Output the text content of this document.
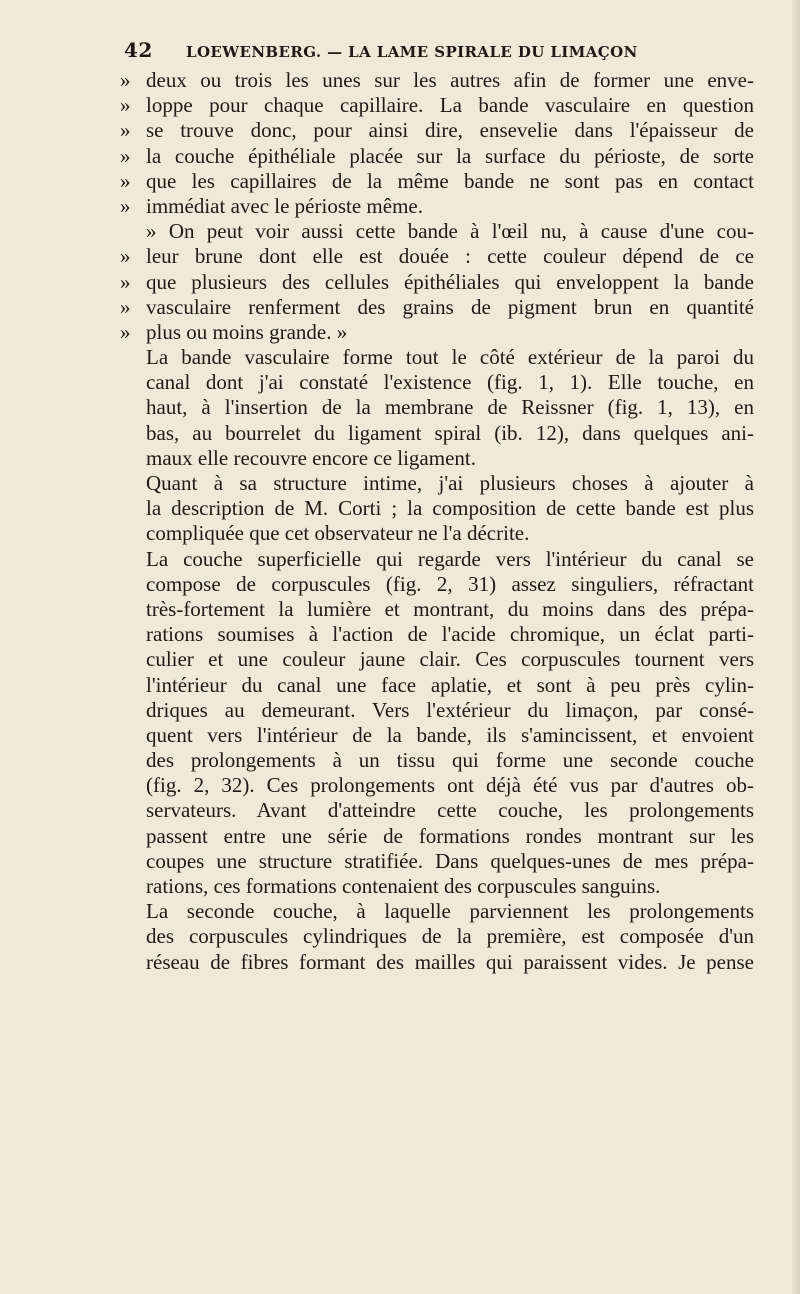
42	LOEWENBERG. — LA LAME SPIRALE DU LIMAÇON
» deux ou trois les unes sur les autres afin de former une enve-
» loppe pour chaque capillaire. La bande vasculaire en question
» se trouve donc, pour ainsi dire, ensevelie dans l'épaisseur de
» la couche épithéliale placée sur la surface du périoste, de sorte
» que les capillaires de la même bande ne sont pas en contact
» immédiat avec le périoste même.
» On peut voir aussi cette bande à l'œil nu, à cause d'une cou-
» leur brune dont elle est douée : cette couleur dépend de ce
» que plusieurs des cellules épithéliales qui enveloppent la bande
» vasculaire renferment des grains de pigment brun en quantité
» plus ou moins grande. »
La bande vasculaire forme tout le côté extérieur de la paroi du
canal dont j'ai constaté l'existence (fig. 1, 1). Elle touche, en
haut, à l'insertion de la membrane de Reissner (fig. 1, 13), en
bas, au bourrelet du ligament spiral (ib. 12), dans quelques ani-
maux elle recouvre encore ce ligament.
Quant à sa structure intime, j'ai plusieurs choses à ajouter à
la description de M. Corti ; la composition de cette bande est plus
compliquée que cet observateur ne l'a décrite.
La couche superficielle qui regarde vers l'intérieur du canal se
compose de corpuscules (fig. 2, 31) assez singuliers, réfractant
très-fortement la lumière et montrant, du moins dans des prépa-
rations soumises à l'action de l'acide chromique, un éclat parti-
culier et une couleur jaune clair. Ces corpuscules tournent vers
l'intérieur du canal une face aplatie, et sont à peu près cylin-
driques au demeurant. Vers l'extérieur du limaçon, par consé-
quent vers l'intérieur de la bande, ils s'amincissent, et envoient
des prolongements à un tissu qui forme une seconde couche
(fig. 2, 32). Ces prolongements ont déjà été vus par d'autres ob-
servateurs. Avant d'atteindre cette couche, les prolongements
passent entre une série de formations rondes montrant sur les
coupes une structure stratifiée. Dans quelques-unes de mes prépa-
rations, ces formations contenaient des corpuscules sanguins.
La seconde couche, à laquelle parviennent les prolongements
des corpuscules cylindriques de la première, est composée d'un
réseau de fibres formant des mailles qui paraissent vides. Je pense
